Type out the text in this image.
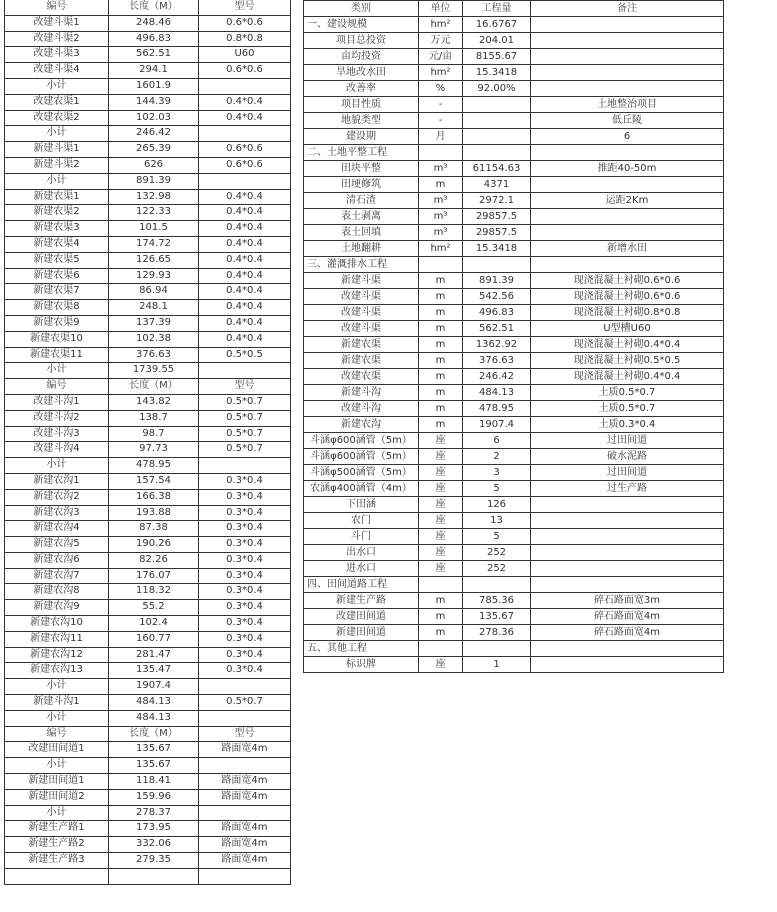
编号	长度（M）	型号
改建斗渠1	248.46	0.6*0.6
改建斗渠2	496.83	0.8*0.8
改建斗渠3	562.51	U60
改建斗渠4	294.1	0.6*0.6
小计	1601.9	
改建农渠1	144.39	0.4*0.4
改建农渠2	102.03	0.4*0.4
小计	246.42	
新建斗渠1	265.39	0.6*0.6
新建斗渠2	626	0.6*0.6
小计	891.39	
新建农渠1	132.98	0.4*0.4
新建农渠2	122.33	0.4*0.4
新建农渠3	101.5	0.4*0.4
新建农渠4	174.72	0.4*0.4
新建农渠5	126.65	0.4*0.4
新建农渠6	129.93	0.4*0.4
新建农渠7	86.94	0.4*0.4
新建农渠8	248.1	0.4*0.4
新建农渠9	137.39	0.4*0.4
新建农渠10	102.38	0.4*0.4
新建农渠11	376.63	0.5*0.5
小计	1739.55	
编号	长度（M）	型号
改建斗沟1	143.82	0.5*0.7
改建斗沟2	138.7	0.5*0.7
改建斗沟3	98.7	0.5*0.7
改建斗沟4	97.73	0.5*0.7
小计	478.95	
新建农沟1	157.54	0.3*0.4
新建农沟2	166.38	0.3*0.4
新建农沟3	193.88	0.3*0.4
新建农沟4	87.38	0.3*0.4
新建农沟5	190.26	0.3*0.4
新建农沟6	82.26	0.3*0.4
新建农沟7	176.07	0.3*0.4
新建农沟8	118.32	0.3*0.4
新建农沟9	55.2	0.3*0.4
新建农沟10	102.4	0.3*0.4
新建农沟11	160.77	0.3*0.4
新建农沟12	281.47	0.3*0.4
新建农沟13	135.47	0.3*0.4
小计	1907.4	
新建斗沟1	484.13	0.5*0.7
小计	484.13	
编号	长度（M）	型号
改建田间道1	135.67	路面宽4m
小计	135.67	
新建田间道1	118.41	路面宽4m
新建田间道2	159.96	路面宽4m
小计	278.37	
新建生产路1	173.95	路面宽4m
新建生产路2	332.06	路面宽4m
新建生产路3	279.35	路面宽4m

类别	单位	工程量	备注
一、建设规模	hm²	16.6767	
项目总投资	万元	204.01	
亩均投资	元/亩	8155.67	
旱地改水田	hm²	15.3418	
改善率	%	92.00%	
项目性质	-		土地整治项目
地貌类型	-		低丘陵
建设期	月		6
二、土地平整工程			
田块平整	m³	61154.63	推距40-50m
田埂修筑	m	4371	
清石渣	m³	2972.1	运距2Km
表土剥离	m³	29857.5	
表土回填	m³	29857.5	
土地翻耕	hm²	15.3418	新增水田
三、灌溉排水工程			
新建斗渠	m	891.39	现浇混凝土衬砌0.6*0.6
改建斗渠	m	542.56	现浇混凝土衬砌0.6*0.6
改建斗渠	m	496.83	现浇混凝土衬砌0.8*0.8
改建斗渠	m	562.51	U型槽U60
新建农渠	m	1362.92	现浇混凝土衬砌0.4*0.4
新建农渠	m	376.63	现浇混凝土衬砌0.5*0.5
改建农渠	m	246.42	现浇混凝土衬砌0.4*0.4
新建斗沟	m	484.13	土质0.5*0.7
改建斗沟	m	478.95	土质0.5*0.7
新建农沟	m	1907.4	土质0.3*0.4
斗涵φ600涵管（5m）	座	6	过田间道
斗涵φ600涵管（5m）	座	2	破水泥路
斗涵φ500涵管（5m）	座	3	过田间道
农涵φ400涵管（4m）	座	5	过生产路
下田涵	座	126	
农门	座	13	
斗门	座	5	
出水口	座	252	
进水口	座	252	
四、田间道路工程			
新建生产路	m	785.36	碎石路面宽3m
改建田间道	m	135.67	碎石路面宽4m
新建田间道	m	278.36	碎石路面宽4m
五、其他工程			
标识牌	座	1	
